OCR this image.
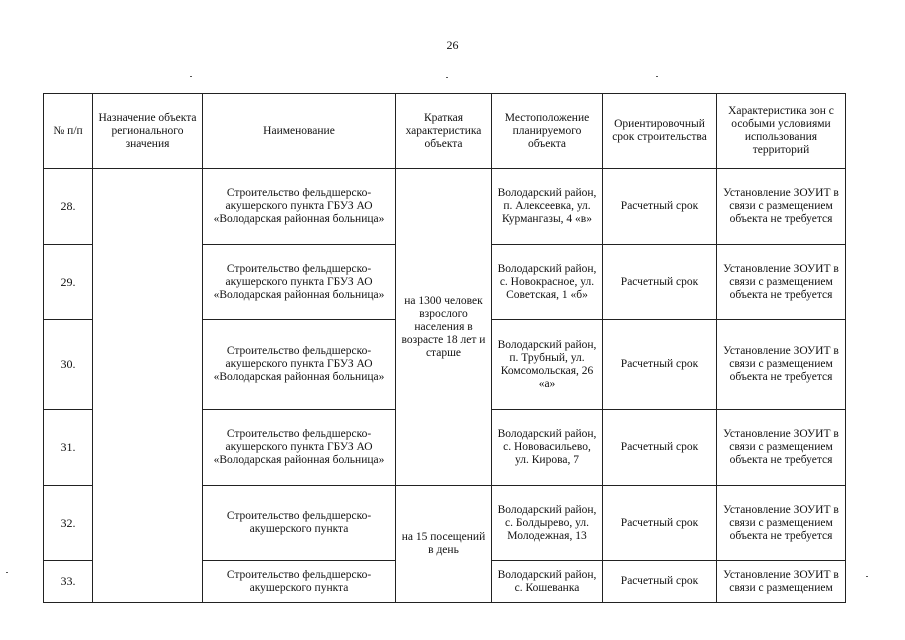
26
№ п/п	Назначение объекта регионального значения	Наименование	Краткая характеристика объекта	Местоположение планируемого объекта	Ориентировочный срок строительства	Характеристика зон с особыми условиями использования территорий
28.		Строительство фельдшерско-акушерского пункта ГБУЗ АО «Володарская районная больница»	на 1300 человек взрослого населения в возрасте 18 лет и старше	Володарский район, п. Алексеевка, ул. Курмангазы, 4 «в»	Расчетный срок	Установление ЗОУИТ в связи с размещением объекта не требуется
29.		Строительство фельдшерско-акушерского пункта ГБУЗ АО «Володарская районная больница»		Володарский район, с. Новокрасное, ул. Советская, 1 «б»	Расчетный срок	Установление ЗОУИТ в связи с размещением объекта не требуется
30.		Строительство фельдшерско-акушерского пункта ГБУЗ АО «Володарская районная больница»		Володарский район, п. Трубный, ул. Комсомольская, 26 «а»	Расчетный срок	Установление ЗОУИТ в связи с размещением объекта не требуется
31.		Строительство фельдшерско-акушерского пункта ГБУЗ АО «Володарская районная больница»		Володарский район, с. Нововасильево, ул. Кирова, 7	Расчетный срок	Установление ЗОУИТ в связи с размещением объекта не требуется
32.		Строительство фельдшерско-акушерского пункта	на 15 посещений в день	Володарский район, с. Болдырево, ул. Молодежная, 13	Расчетный срок	Установление ЗОУИТ в связи с размещением объекта не требуется
33.		Строительство фельдшерско-акушерского пункта		Володарский район, с. Кошеванка	Расчетный срок	Установление ЗОУИТ в связи с размещением
